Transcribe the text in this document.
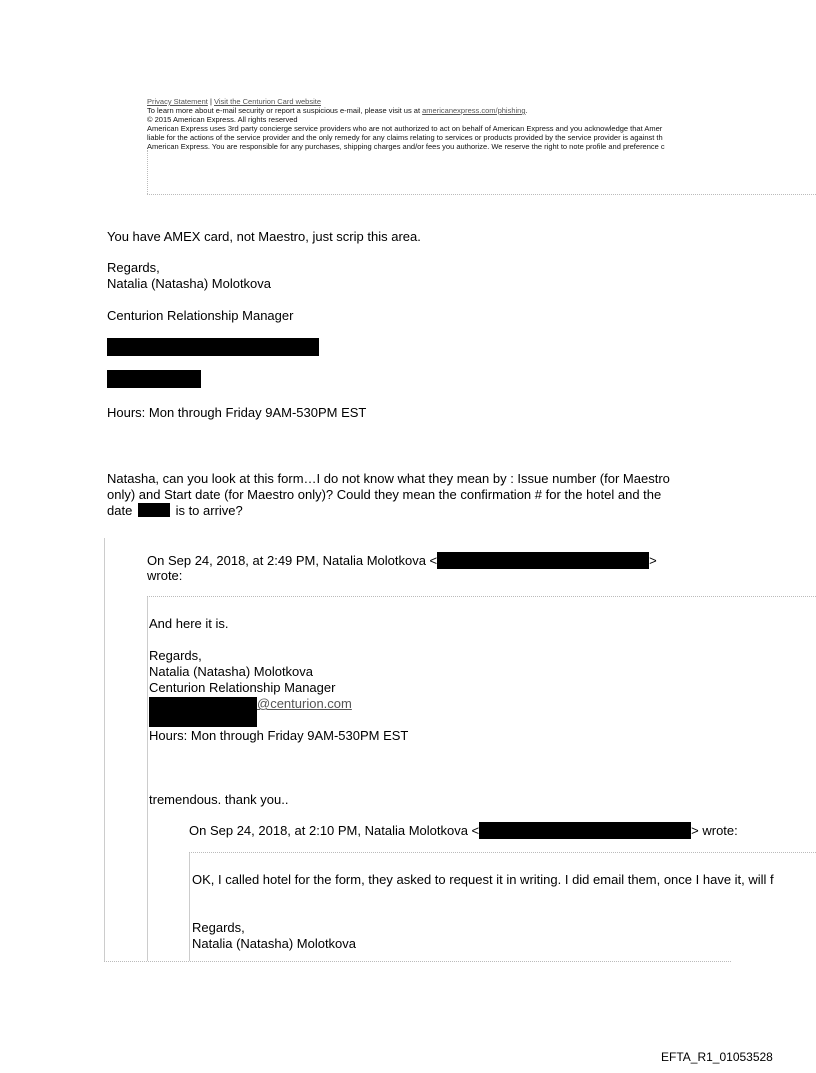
Privacy Statement | Visit the Centurion Card website
To learn more about e-mail security or report a suspicious e-mail, please visit us at americanexpress.com/phishing.
© 2015 American Express. All rights reserved
American Express uses 3rd party concierge service providers who are not authorized to act on behalf of American Express and you acknowledge that Amer
liable for the actions of the service provider and the only remedy for any claims relating to services or products provided by the service provider is against th
American Express. You are responsible for any purchases, shipping charges and/or fees you authorize. We reserve the right to note profile and preference c
You have AMEX card, not Maestro, just scrip this area.
Regards,
Natalia (Natasha) Molotkova
Centurion Relationship Manager
Hours: Mon through Friday 9AM-530PM EST
Natasha, can you look at this form…I do not know what they mean by : Issue number (for Maestro
only) and Start date (for Maestro only)? Could they mean the confirmation # for the hotel and the
date	is to arrive?
On Sep 24, 2018, at 2:49 PM, Natalia Molotkova <	>
wrote:
And here it is.
Regards,
Natalia (Natasha) Molotkova
Centurion Relationship Manager
@centurion.com
Hours: Mon through Friday 9AM-530PM EST
tremendous. thank you..
On Sep 24, 2018, at 2:10 PM, Natalia Molotkova <	> wrote:
OK, I called hotel for the form, they asked to request it in writing. I did email them, once I have it, will f
Regards,
Natalia (Natasha) Molotkova
EFTA_R1_01053528
